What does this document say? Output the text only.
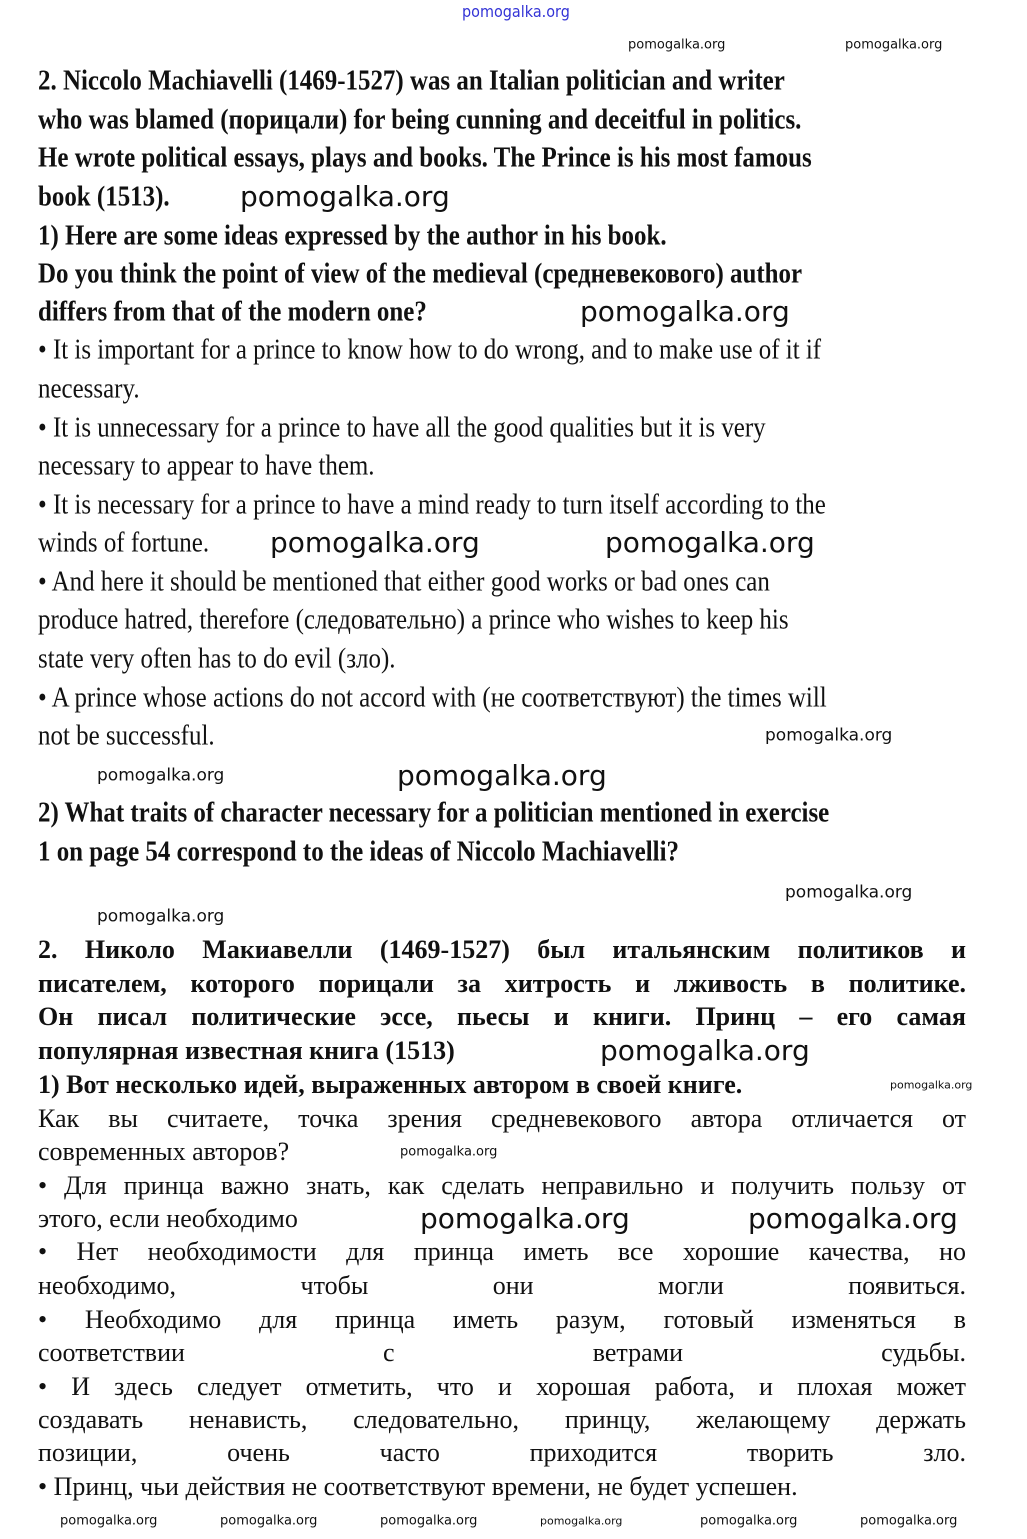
pomogalka.org
2. Niccolo Machiavelli (1469-1527) was an Italian politician and writer
who was blamed (порицали) for being cunning and deceitful in politics.
He wrote political essays, plays and books. The Prince is his most famous
book (1513).
1) Here are some ideas expressed by the author in his book.
Do you think the point of view of the medieval (средневекового) author
differs from that of the modern one?
• It is important for a prince to know how to do wrong, and to make use of it if
necessary.
• It is unnecessary for a prince to have all the good qualities but it is very
necessary to appear to have them.
• It is necessary for a prince to have a mind ready to turn itself according to the
winds of fortune.
• And here it should be mentioned that either good works or bad ones can
produce hatred, therefore (следовательно) a prince who wishes to keep his
state very often has to do evil (зло).
• A prince whose actions do not accord with (не соответствуют) the times will
not be successful.
2) What traits of character necessary for a politician mentioned in exercise
1 on page 54 correspond to the ideas of Niccolo Machiavelli?
2. Николо Макиавелли (1469-1527) был итальянским политиков и
писателем, которого порицали за хитрость и лживость в политике.
Он писал политические эссе, пьесы и книги. Принц – его самая
популярная известная книга (1513)
1) Вот несколько идей, выраженных автором в своей книге.
Как вы считаете, точка зрения средневекового автора отличается от
современных авторов?
• Для принца важно знать, как сделать неправильно и получить пользу от
этого, если необходимо
• Нет необходимости для принца иметь все хорошие качества, но
необходимо, чтобы они могли появиться.
• Необходимо для принца иметь разум, готовый изменяться в
соответствии с ветрами судьбы.
• И здесь следует отметить, что и хорошая работа, и плохая может
создавать ненависть, следовательно, принцу, желающему держать
позиции, очень часто приходится творить зло.
• Принц, чьи действия не соответствуют времени, не будет успешен.
pomogalka.org	pomogalka.org
pomogalka.org
pomogalka.org
pomogalka.org	pomogalka.org
pomogalka.org
pomogalka.org	pomogalka.org
pomogalka.org
pomogalka.org
pomogalka.org
pomogalka.org
pomogalka.org
pomogalka.org	pomogalka.org
pomogalka.org	pomogalka.org	pomogalka.org	pomogalka.org	pomogalka.org	pomogalka.org
